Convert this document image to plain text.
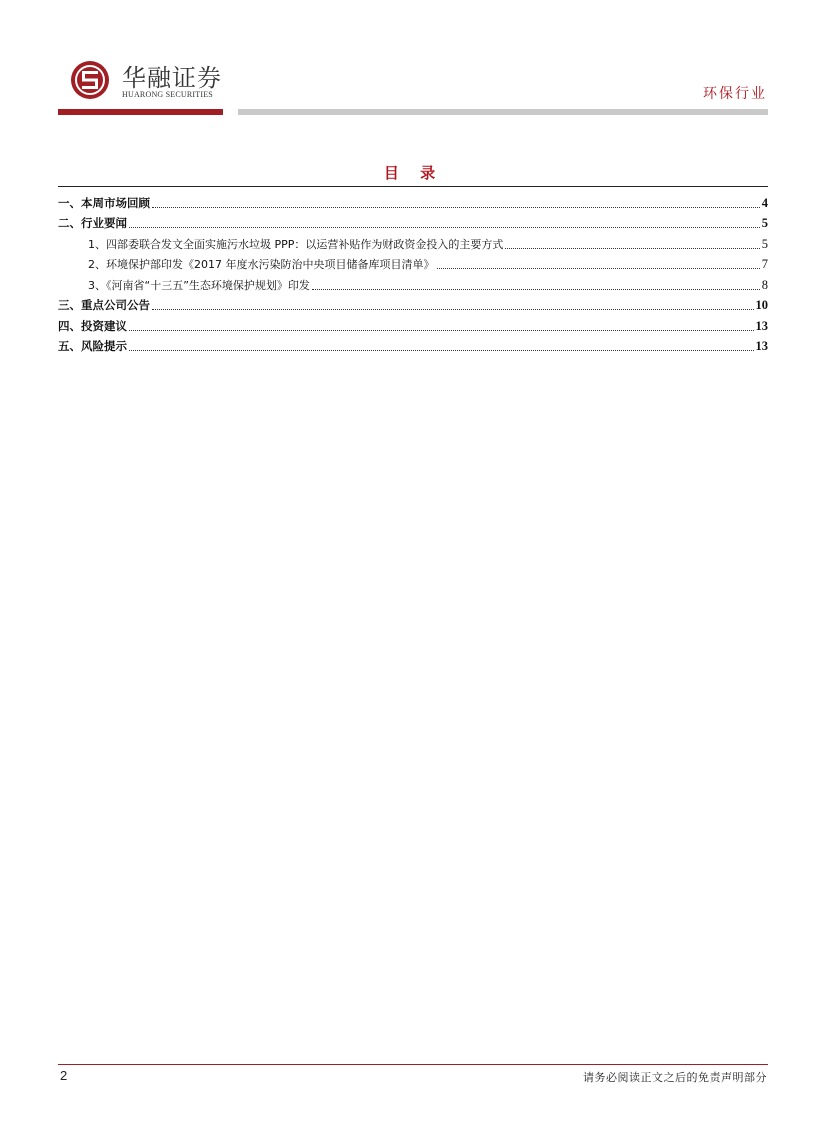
华融证券
HUARONG SECURITIES	环保行业
目 录
一、本周市场回顾	4
二、行业要闻	5
1、四部委联合发文全面实施污水垃圾 PPP：以运营补贴作为财政资金投入的主要方式	5
2、环境保护部印发《2017 年度水污染防治中央项目储备库项目清单》	7
3、《河南省“十三五”生态环境保护规划》印发	8
三、重点公司公告	10
四、投资建议	13
五、风险提示	13
2	请务必阅读正文之后的免责声明部分
